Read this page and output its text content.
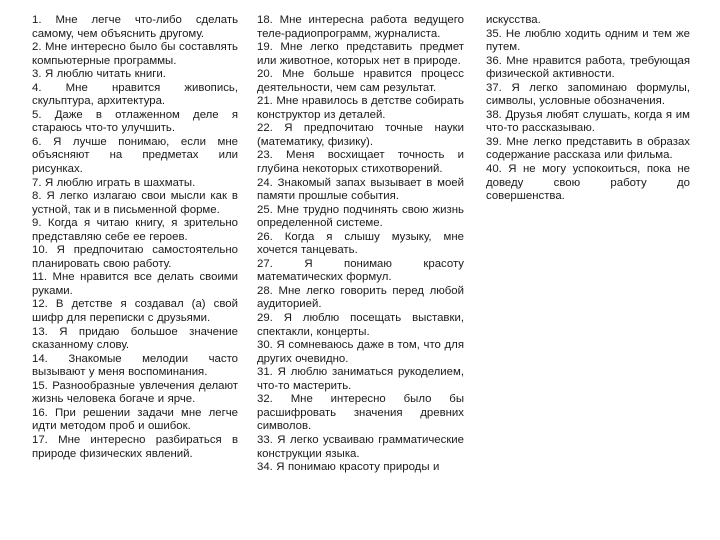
1. Мне легче что-либо сделать самому, чем объяснить другому.

2. Мне интересно было бы составлять компьютерные программы.

3. Я люблю читать книги.

4. Мне нравится живопись, скульптура, архитектура.

5. Даже в отлаженном деле я стараюсь что-то улучшить.

6. Я лучше понимаю, если мне объясняют на предметах или рисунках.

7. Я люблю играть в шахматы.

8. Я легко излагаю свои мысли как в устной, так и в письменной форме.

9. Когда я читаю книгу, я зрительно представляю себе ее героев.

10. Я предпочитаю самостоятельно планировать свою работу.

11. Мне нравится все делать своими руками.

12. В детстве я создавал (а) свой шифр для переписки с друзьями.

13. Я придаю большое значение сказанному слову.

14. Знакомые мелодии часто вызывают у меня воспоминания.

15. Разнообразные увлечения делают жизнь человека богаче и ярче.

16. При решении задачи мне легче идти методом проб и ошибок.

17. Мне интересно разбираться в природе физических явлений.

18. Мне интересна работа ведущего теле-радиопрограмм, журналиста.

19. Мне легко представить предмет или животное, которых нет в природе.

20. Мне больше нравится процесс деятельности, чем сам результат.

21. Мне нравилось в детстве собирать конструктор из деталей.

22. Я предпочитаю точные науки (математику, физику).

23. Меня восхищает точность и глубина некоторых стихотворений.

24. Знакомый запах вызывает в моей памяти прошлые события.

25. Мне трудно подчинять свою жизнь определенной системе.

26. Когда я слышу музыку, мне хочется танцевать.

27. Я понимаю красоту математических формул.

28. Мне легко говорить перед любой аудиторией.

29. Я люблю посещать выставки, спектакли, концерты.

30. Я сомневаюсь даже в том, что для других очевидно.

31. Я люблю заниматься рукоделием, что-то мастерить.

32. Мне интересно было бы расшифровать значения древних символов.

33. Я легко усваиваю грамматические конструкции языка.

34. Я понимаю красоту природы и

искусства.

35. Не люблю ходить одним и тем же путем.

36. Мне нравится работа, требующая физической активности.

37. Я легко запоминаю формулы, символы, условные обозначения.

38. Друзья любят слушать, когда я им что-то рассказываю.

39. Мне легко представить в образах содержание рассказа или фильма.

40. Я не могу успокоиться, пока не доведу свою работу до совершенства.
